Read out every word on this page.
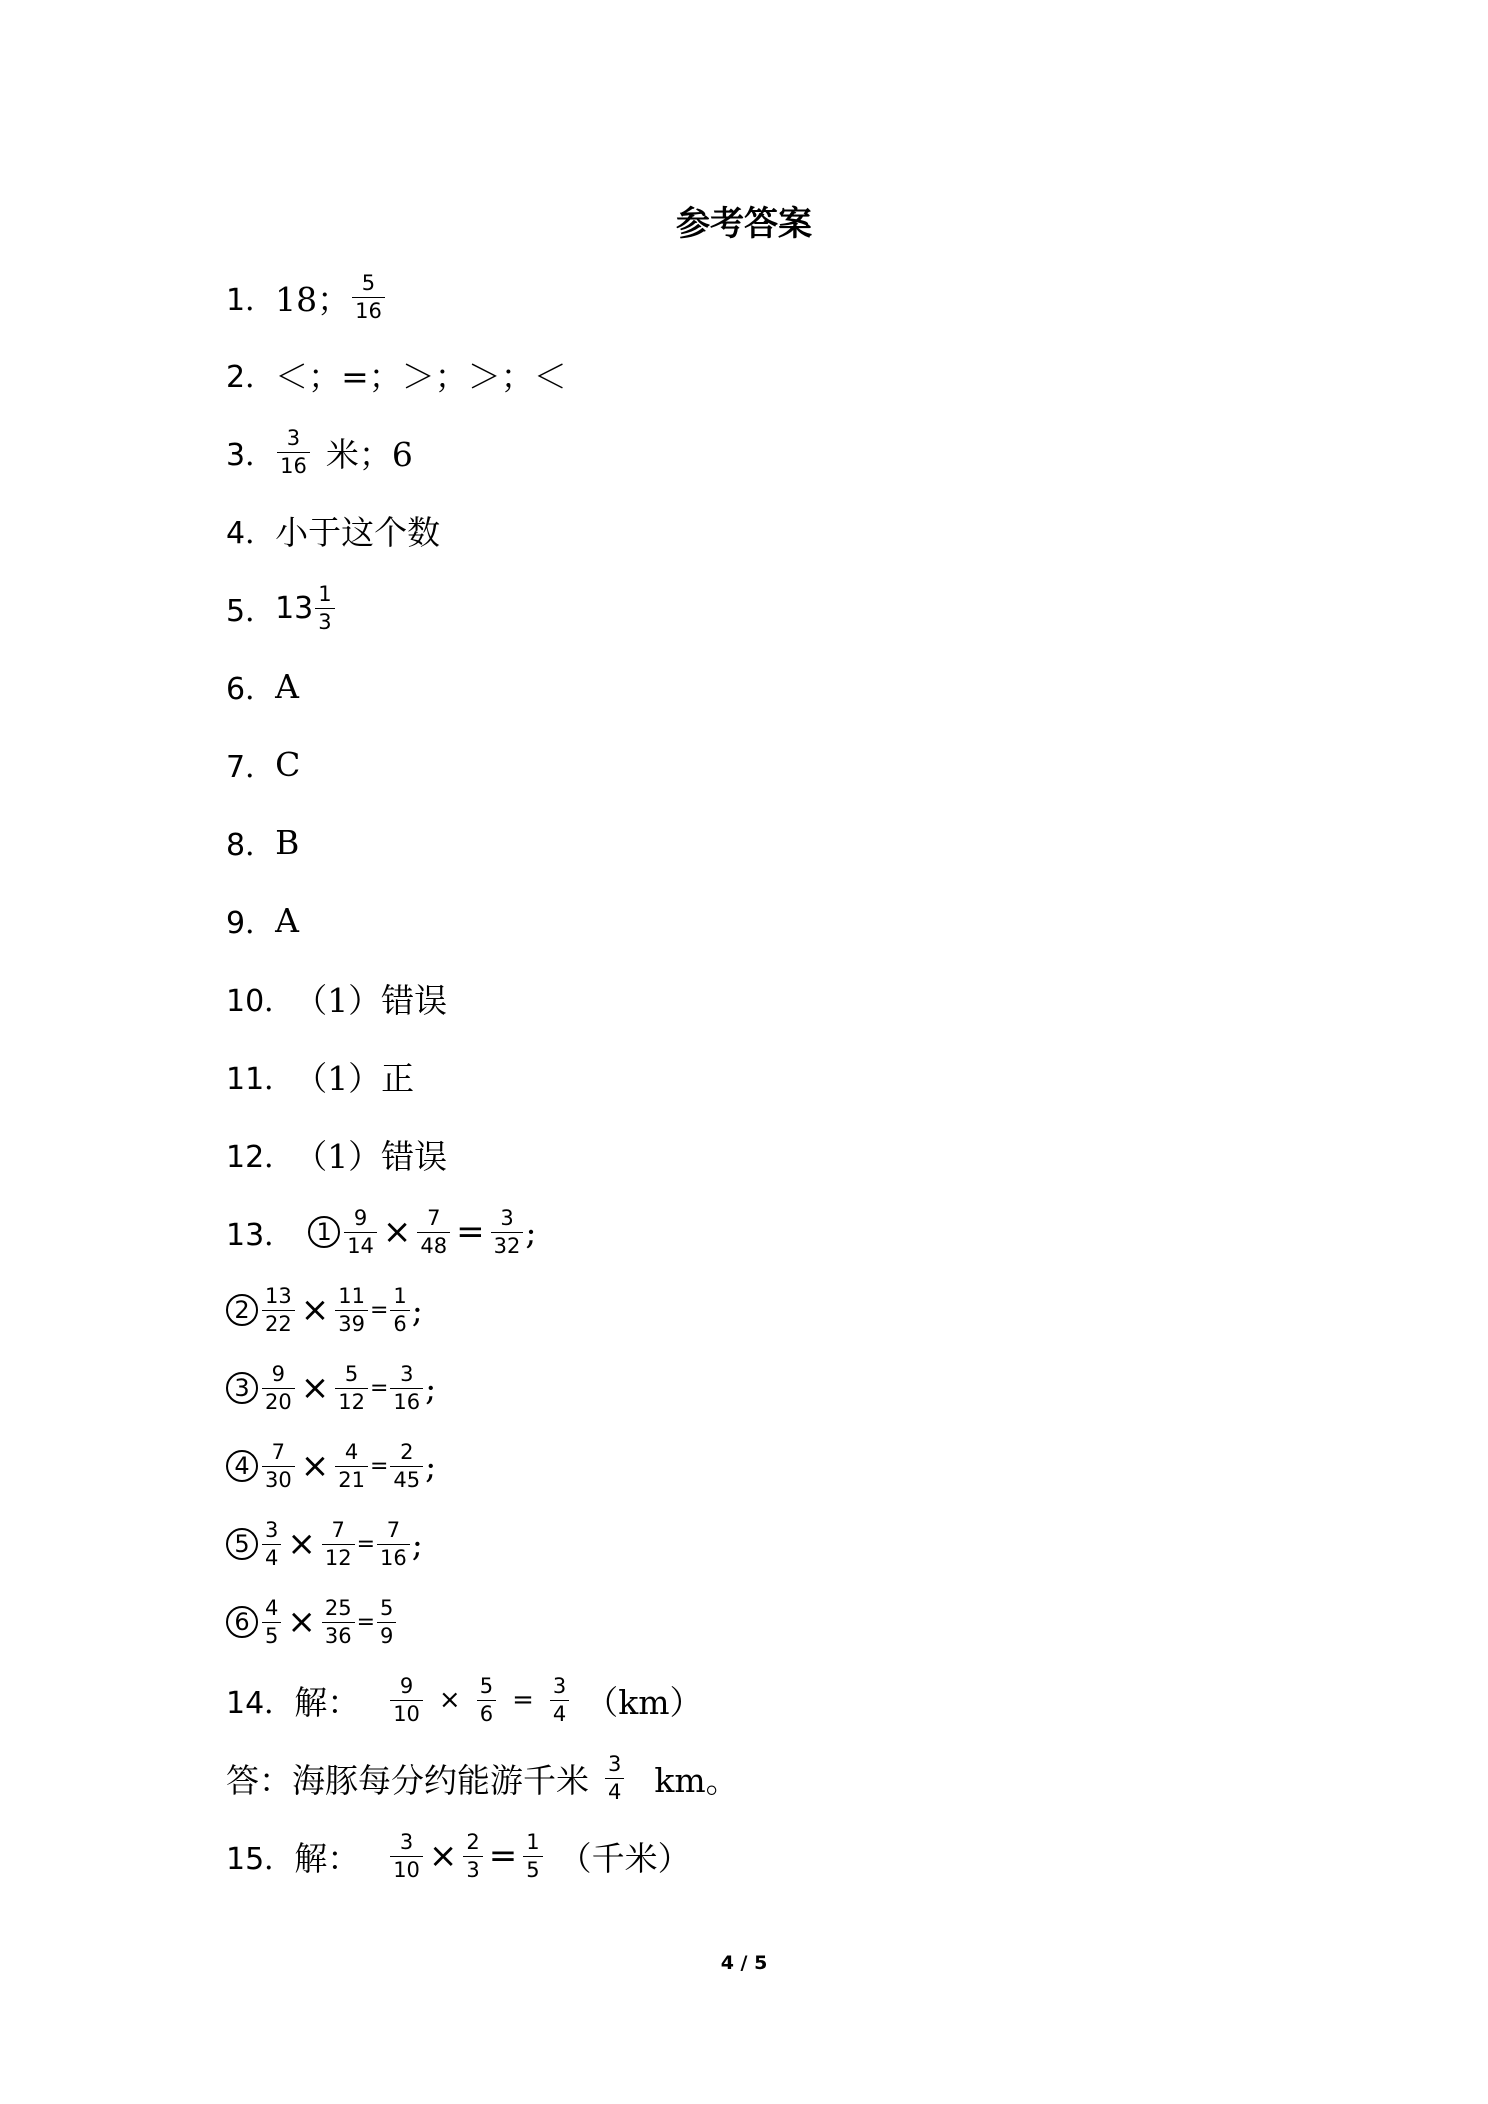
参考答案
1． 18； $\frac{5}{16}$
2． ＜；=；＞；＞；＜
3． $\frac{3}{16}$ 米；6
4． 小于这个数
5． $13 \frac{1}{3}$
6． A
7． C
8． B
9． A
10． （1）错误
11． （1）正
12． （1）错误
13． $1 \frac{9}{14} \times \frac{7}{48} = \frac{3}{32}$ ;
$2 \frac{13}{22} \times \frac{11}{39} = \frac{1}{6}$ ;
$3 \frac{9}{20} \times \frac{5}{12} = \frac{3}{16}$ ;
$4 \frac{7}{30} \times \frac{4}{21} = \frac{2}{45}$ ;
$5 \frac{3}{4} \times \frac{7}{12} = \frac{7}{16}$ ;
$6 \frac{4}{5} \times \frac{25}{36} = \frac{5}{9}$
14． 解： $\frac{9}{10} \times \frac{5}{6} = \frac{3}{4} (km)$
答：海豚每分约能游千米 $\frac{3}{4}$ km。
15． 解： $\frac{3}{10} \times \frac{2}{3} = \frac{1}{5}$ （千米）
4 / 5
